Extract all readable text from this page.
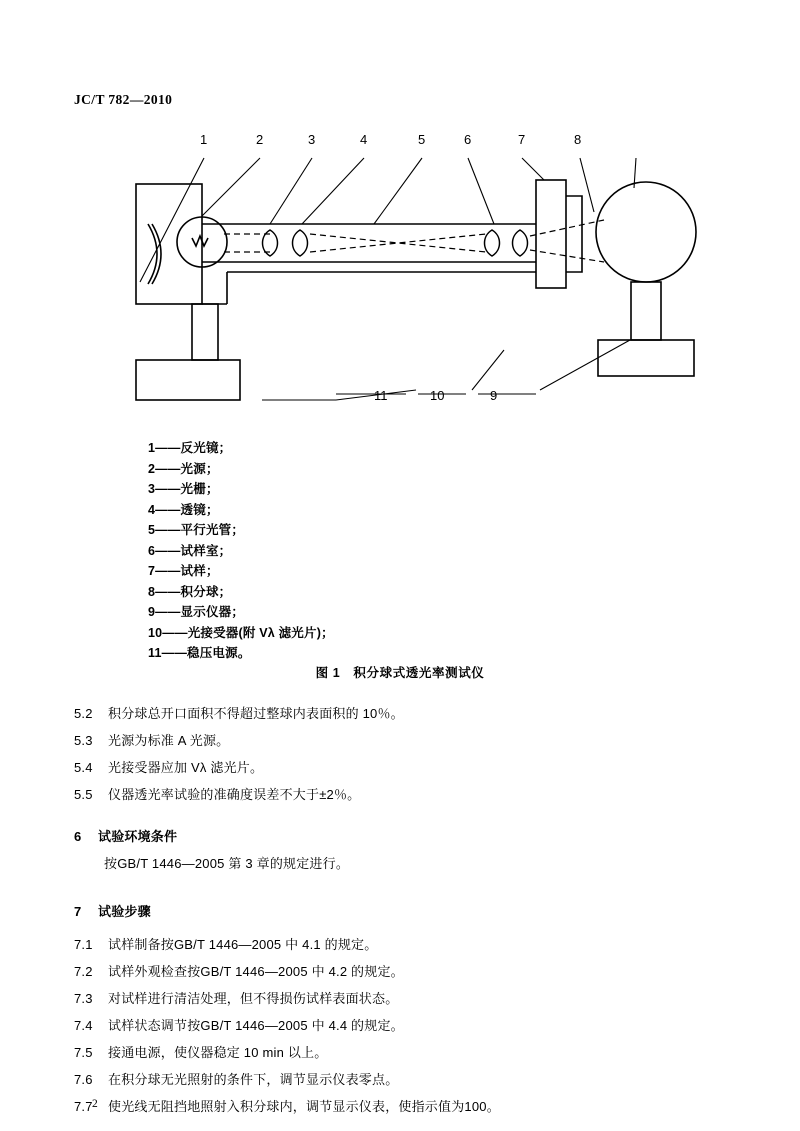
JC/T 782—2010
1	2	3	4	5	6	7	8
11	10	9
1——反光镜；
2——光源；
3——光栅；
4——透镜；
5——平行光管；
6——试样室；
7——试样；
8——积分球；
9——显示仪器；
10——光接受器(附 Vλ 滤光片)；
11——稳压电源。
图 1　积分球式透光率测试仪
5.2 积分球总开口面积不得超过整球内表面积的 10％。
5.3 光源为标准 A 光源。
5.4 光接受器应加 Vλ 滤光片。
5.5 仪器透光率试验的准确度误差不大于±2％。
6 试验环境条件
按GB/T 1446—2005 第 3 章的规定进行。
7 试验步骤
7.1 试样制备按GB/T 1446—2005 中 4.1 的规定。
7.2 试样外观检查按GB/T 1446—2005 中 4.2 的规定。
7.3 对试样进行清洁处理，但不得损伤试样表面状态。
7.4 试样状态调节按GB/T 1446—2005 中 4.4 的规定。
7.5 接通电源，使仪器稳定 10 min 以上。
7.6 在积分球无光照射的条件下，调节显示仪表零点。
7.7 使光线无阻挡地照射入积分球内，调节显示仪表，使指示值为100。
2
